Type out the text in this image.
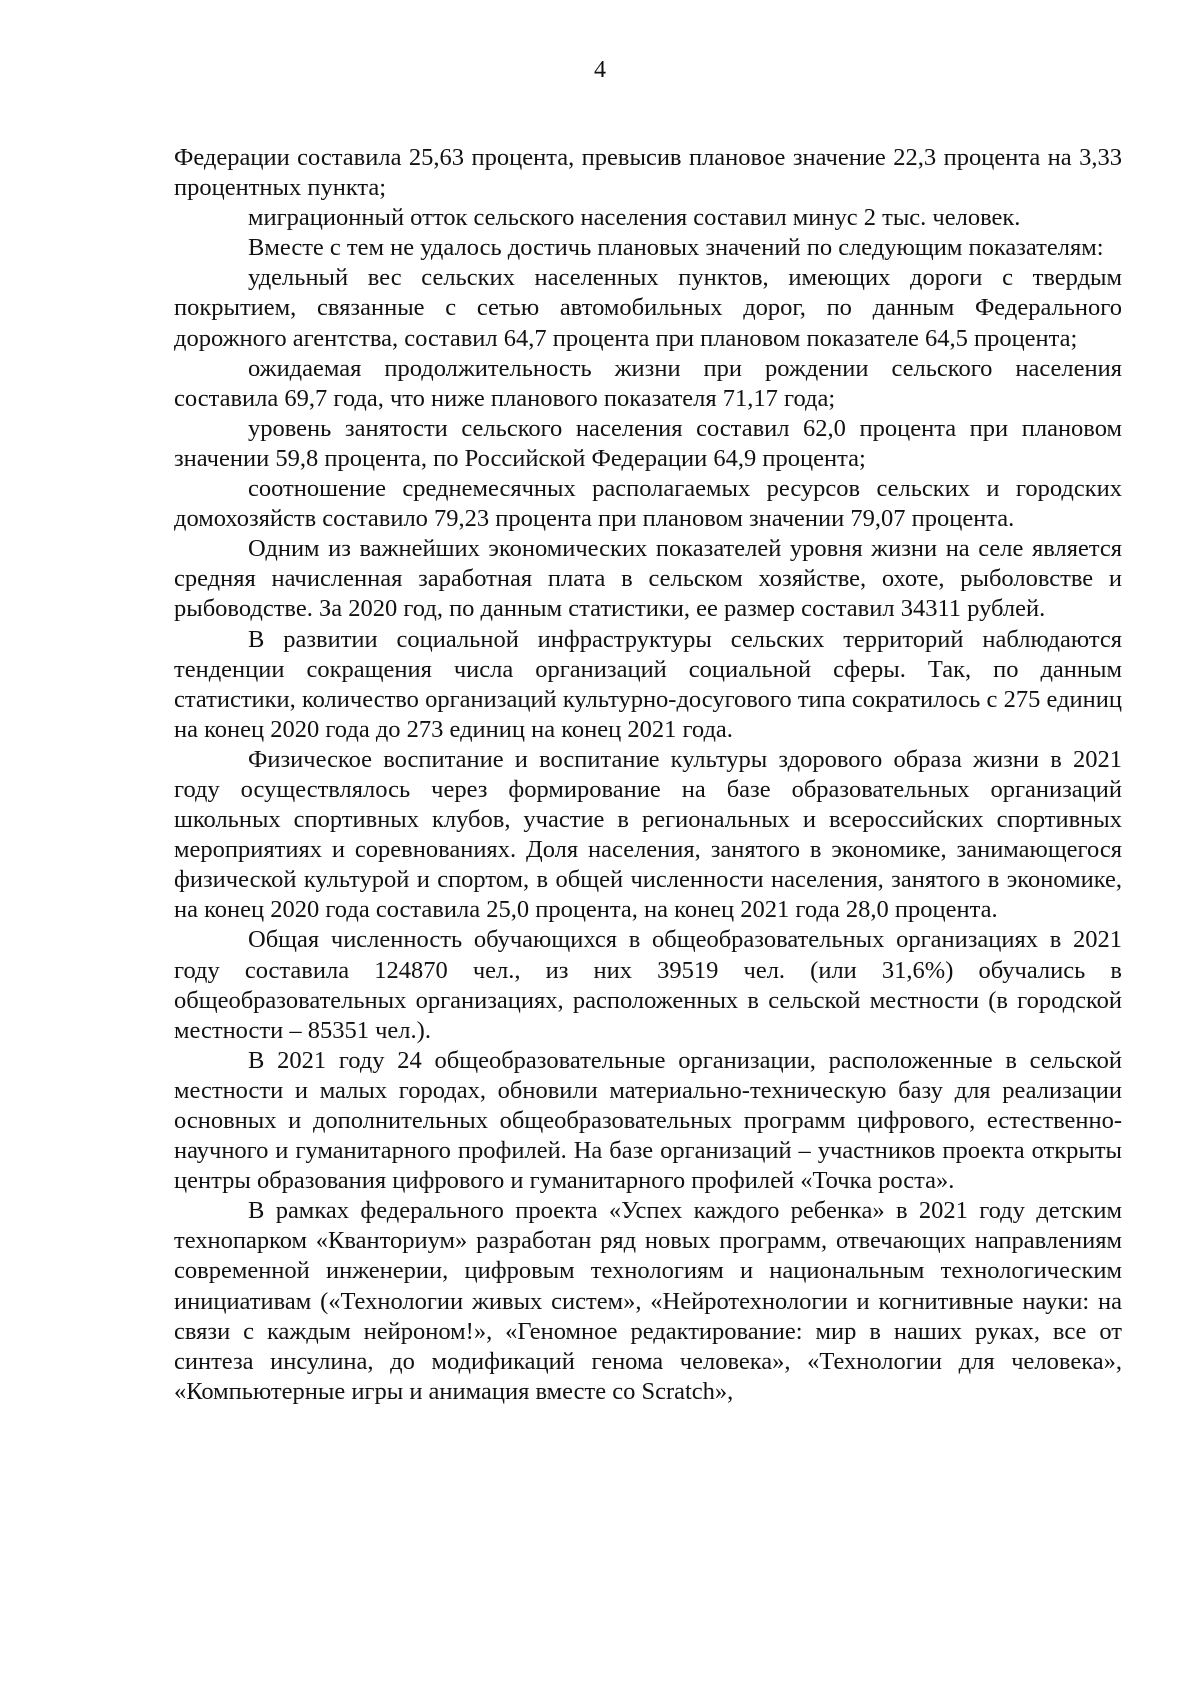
4

Федерации составила 25,63 процента, превысив плановое значение 22,3 процента на 3,33 процентных пункта;

миграционный отток сельского населения составил минус 2 тыс. человек.

Вместе с тем не удалось достичь плановых значений по следующим показателям:

удельный вес сельских населенных пунктов, имеющих дороги с твердым покрытием, связанные с сетью автомобильных дорог, по данным Федерального дорожного агентства, составил 64,7 процента при плановом показателе 64,5 процента;

ожидаемая продолжительность жизни при рождении сельского населения составила 69,7 года, что ниже планового показателя 71,17 года;

уровень занятости сельского населения составил 62,0 процента при плановом значении 59,8 процента, по Российской Федерации 64,9 процента;

соотношение среднемесячных располагаемых ресурсов сельских и городских домохозяйств составило 79,23 процента при плановом значении 79,07 процента.

Одним из важнейших экономических показателей уровня жизни на селе является средняя начисленная заработная плата в сельском хозяйстве, охоте, рыболовстве и рыбоводстве. За 2020 год, по данным статистики, ее размер составил 34311 рублей.

В развитии социальной инфраструктуры сельских территорий наблюдаются тенденции сокращения числа организаций социальной сферы. Так, по данным статистики, количество организаций культурно-досугового типа сократилось с 275 единиц на конец 2020 года до 273 единиц на конец 2021 года.

Физическое воспитание и воспитание культуры здорового образа жизни в 2021 году осуществлялось через формирование на базе образовательных организаций школьных спортивных клубов, участие в региональных и всероссийских спортивных мероприятиях и соревнованиях. Доля населения, занятого в экономике, занимающегося физической культурой и спортом, в общей численности населения, занятого в экономике, на конец 2020 года составила 25,0 процента, на конец 2021 года 28,0 процента.

Общая численность обучающихся в общеобразовательных организациях в 2021 году составила 124870 чел., из них 39519 чел. (или 31,6%) обучались в общеобразовательных организациях, расположенных в сельской местности (в городской местности – 85351 чел.).

В 2021 году 24 общеобразовательные организации, расположенные в сельской местности и малых городах, обновили материально-техническую базу для реализации основных и дополнительных общеобразовательных программ цифрового, естественно-научного и гуманитарного профилей. На базе организаций – участников проекта открыты центры образования цифрового и гуманитарного профилей «Точка роста».

В рамках федерального проекта «Успех каждого ребенка» в 2021 году детским технопарком «Кванториум» разработан ряд новых программ, отвечающих направлениям современной инженерии, цифровым технологиям и национальным технологическим инициативам («Технологии живых систем», «Нейротехнологии и когнитивные науки: на связи с каждым нейроном!», «Геномное редактирование: мир в наших руках, все от синтеза инсулина, до модификаций генома человека», «Технологии для человека», «Компьютерные игры и анимация вместе со Scratch»,
